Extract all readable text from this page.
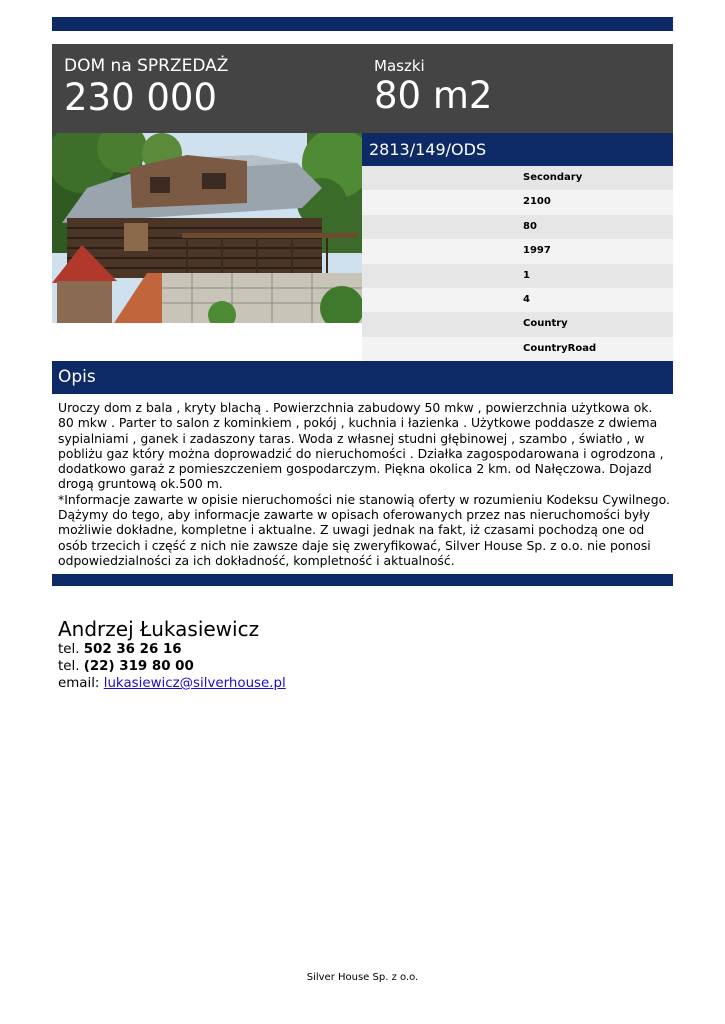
DOM na SPRZEDAŻ
230 000
Maszki
80 m2
2813/149/ODS
Secondary
2100
80
1997
1
4
Country
CountryRoad
Opis

Uroczy dom z bala , kryty blachą . Powierzchnia zabudowy 50 mkw , powierzchnia użytkowa ok. 80 mkw . Parter to salon z kominkiem , pokój , kuchnia i łazienka . Użytkowe poddasze z dwiema sypialniami , ganek i zadaszony taras. Woda z własnej studni głębinowej , szambo , światło , w pobliżu gaz który można doprowadzić do nieruchomości . Działka zagospodarowana i ogrodzona , dodatkowo garaż z pomieszczeniem gospodarczym. Piękna okolica 2 km. od Nałęczowa. Dojazd drogą gruntową ok.500 m.

*Informacje zawarte w opisie nieruchomości nie stanowią oferty w rozumieniu Kodeksu Cywilnego. Dążymy do tego, aby informacje zawarte w opisach oferowanych przez nas nieruchomości były możliwie dokładne, kompletne i aktualne. Z uwagi jednak na fakt, iż czasami pochodzą one od osób trzecich i część z nich nie zawsze daje się zweryfikować, Silver House Sp. z o.o. nie ponosi odpowiedzialności za ich dokładność, kompletność i aktualność.

Andrzej Łukasiewicz
tel. 502 36 26 16
tel. (22) 319 80 00
email: lukasiewicz@silverhouse.pl
Silver House Sp. z o.o.
